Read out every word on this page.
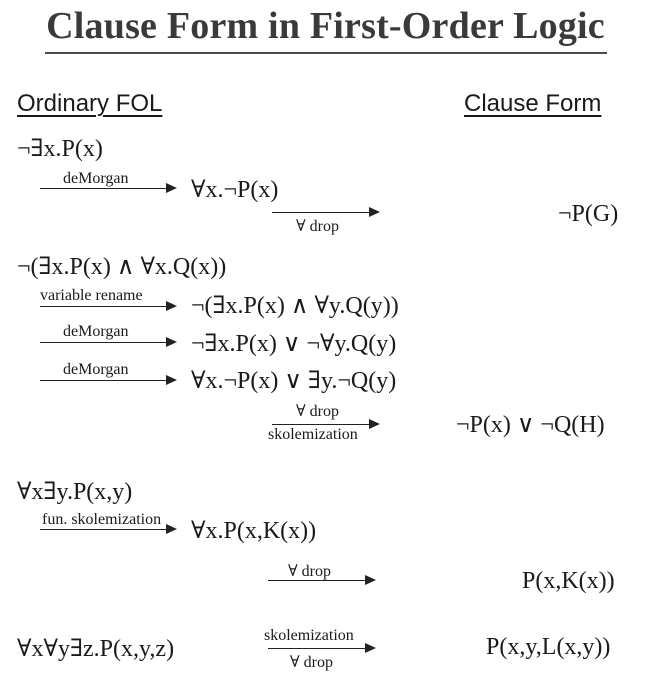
Clause Form in First-Order Logic
Ordinary FOL	Clause Form
¬∃x.P(x)
deMorgan	∀x.¬P(x)
∀ drop	¬P(G)
¬(∃x.P(x) ∧ ∀x.Q(x))
variable rename ¬(∃x.P(x) ∧ ∀y.Q(y))
deMorgan	¬∃x.P(x) ∨ ¬∀y.Q(y)
deMorgan	∀x.¬P(x) ∨ ∃y.¬Q(y)
∀ drop
skolemization	¬P(x) ∨ ¬Q(H)
∀x∃y.P(x,y)
fun. skolemization ∀x.P(x,K(x))
∀ drop	P(x,K(x))
∀x∀y∃z.P(x,y,z)
skolemization
∀ drop
P(x,y,L(x,y))
